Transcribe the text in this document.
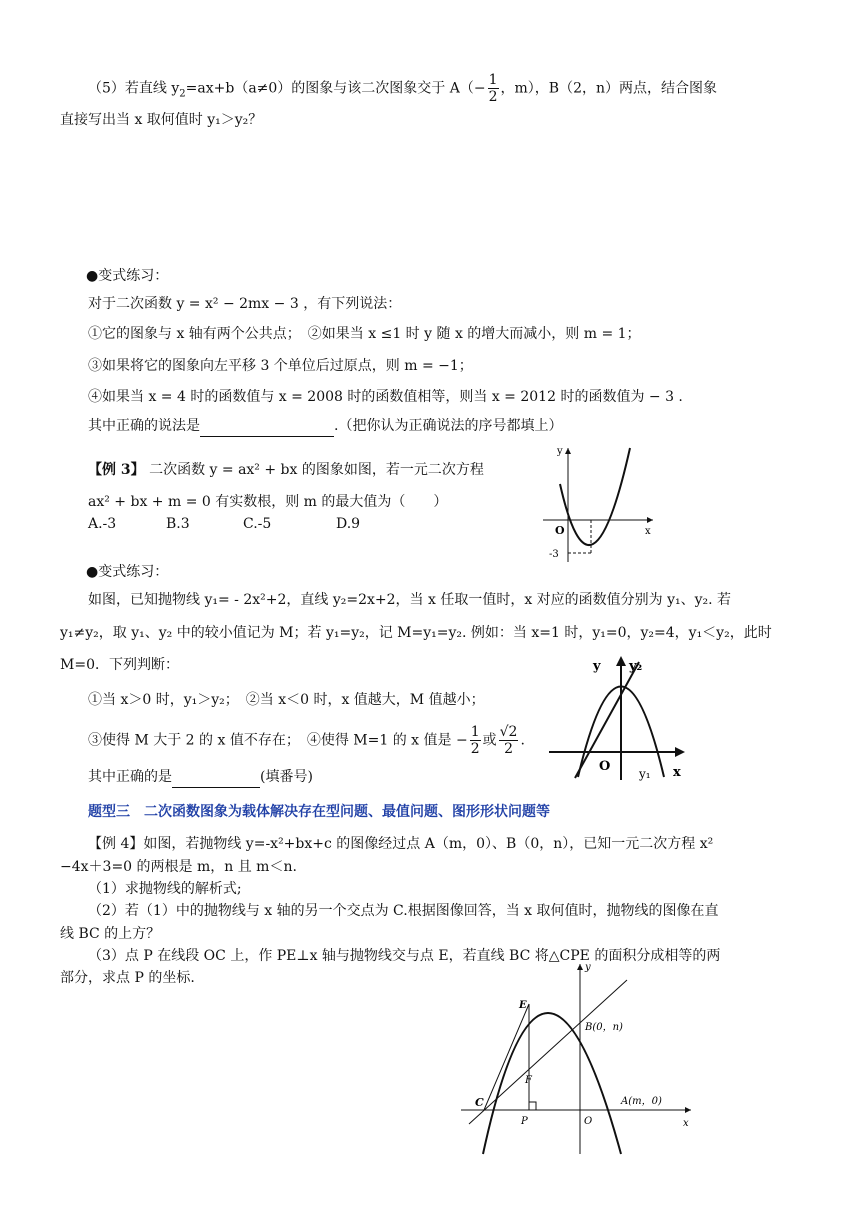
（5）若直线 $y_2=ax+b(a\ne 0)$的图象与该二次图象交于 $A(- \frac{1}{2}$ ，m），B（2，n）两点，结合图象
直接写出当 x 取何值时 y₁＞y₂？
●变式练习：
对于二次函数 y = x² − 2mx − 3 ，有下列说法：
①它的图象与 x 轴有两个公共点；　②如果当 x ≤1 时 y 随 x 的增大而减小，则 m = 1；
③如果将它的图象向左平移 3 个单位后过原点，则 m = −1；
④如果当 x = 4 时的函数值与 x = 2008 时的函数值相等，则当 x = 2012 时的函数值为 − 3 .
其中正确的说法是	.（把你认为正确说法的序号都填上）
【例 3】 二次函数 y = ax² + bx 的图象如图，若一元二次方程
ax² + bx + m = 0 有实数根，则 m 的最大值为（　　）
A.-3	B.3	C.-5	D.9
y
x
O
-3
●变式练习：
如图，已知抛物线 y₁= - 2x²+2，直线 y₂=2x+2，当 x 任取一值时，x 对应的函数值分别为 y₁、y₂. 若
y₁≠y₂，取 y₁、y₂ 中的较小值记为 M；若 y₁=y₂，记 M=y₁=y₂. 例如：当 x=1 时，y₁=0，y₂=4，y₁＜y₂，此时
M=0．下列判断：
①当 x＞0 时，y₁＞y₂；　②当 x＜0 时，x 值越大，M 值越小；
③使得 M 大于 2 的 x 值不存在；　④使得 M=1 的 x 值是 − $\frac{1}{2}$ 或 $\frac{√2}{2}$ .
其中正确的是	(填番号)
y y₂
O y₁ x
题型三　二次函数图象为载体解决存在型问题、最值问题、图形形状问题等
【例 4】如图，若抛物线 y=-x²+bx+c 的图像经过点 A（m，0）、B（0，n），已知一元二次方程 x²
−4x＋3=0 的两根是 m，n 且 m＜n.
（1）求抛物线的解析式;
（2）若（1）中的抛物线与 x 轴的另一个交点为 C.根据图像回答，当 x 取何值时，抛物线的图像在直
线 BC 的上方？
（3）点 P 在线段 OC 上，作 PE⊥x 轴与抛物线交与点 E，若直线 BC 将△CPE 的面积分成相等的两
部分，求点 P 的坐标.
y
x
E
B(0，n)
F
C
P	O
A(m，0)
